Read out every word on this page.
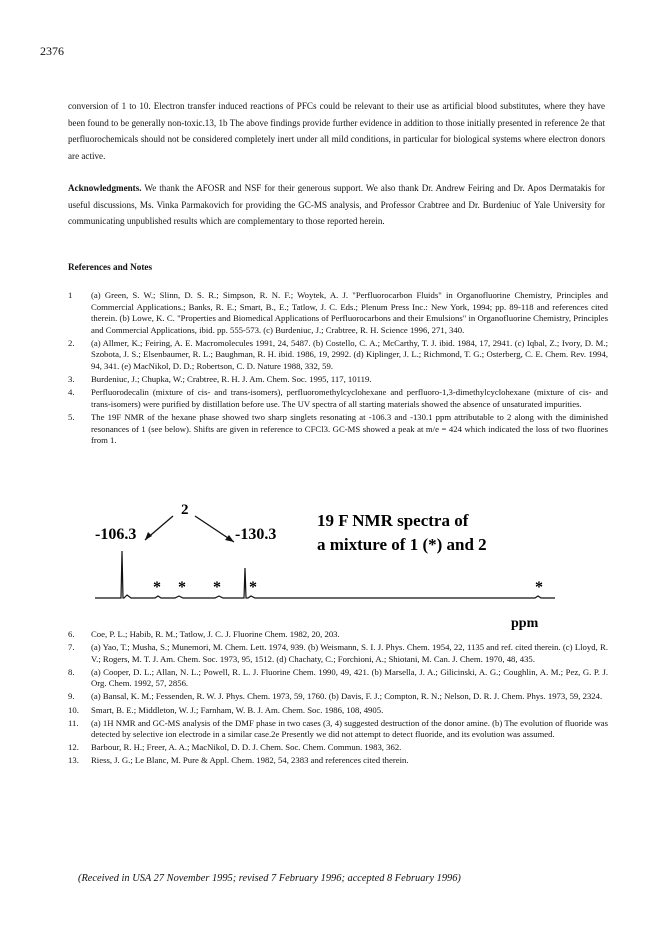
2376

conversion of 1 to 10. Electron transfer induced reactions of PFCs could be relevant to their use as artificial blood substitutes, where they have been found to be generally non-toxic.13, 1b The above findings provide further evidence in addition to those initially presented in reference 2e that perfluorochemicals should not be considered completely inert under all mild conditions, in particular for biological systems where electron donors are active.

Acknowledgments. We thank the AFOSR and NSF for their generous support. We also thank Dr. Andrew Feiring and Dr. Apos Dermatakis for useful discussions, Ms. Vinka Parmakovich for providing the GC-MS analysis, and Professor Crabtree and Dr. Burdeniuc of Yale University for communicating unpublished results which are complementary to those reported herein.

References and Notes
1 (a) Green, S. W.; Slinn, D. S. R.; Simpson, R. N. F.; Woytek, A. J. "Perfluorocarbon Fluids" in Organofluorine Chemistry, Principles and Commercial Applications.; Banks, R. E.; Smart, B., E.; Tatlow, J. C. Eds.; Plenum Press Inc.: New York, 1994; pp. 89-118 and references cited therein. (b) Lowe, K. C. "Properties and Biomedical Applications of Perfluorocarbons and their Emulsions" in Organofluorine Chemistry, Principles and Commercial Applications, ibid. pp. 555-573. (c) Burdeniuc, J.; Crabtree, R. H. Science 1996, 271, 340.
2. (a) Allmer, K.; Feiring, A. E. Macromolecules 1991, 24, 5487. (b) Costello, C. A.; McCarthy, T. J. ibid. 1984, 17, 2941. (c) Iqbal, Z.; Ivory, D. M.; Szobota, J. S.; Elsenbaumer, R. L.; Baughman, R. H. ibid. 1986, 19, 2992. (d) Kiplinger, J. L.; Richmond, T. G.; Osterberg, C. E. Chem. Rev. 1994, 94, 341. (e) MacNikol, D. D.; Robertson, C. D. Nature 1988, 332, 59.
3. Burdeniuc, J.; Chupka, W.; Crabtree, R. H. J. Am. Chem. Soc. 1995, 117, 10119.
4. Perfluorodecalin (mixture of cis- and trans-isomers), perfluoromethylcyclohexane and perfluoro-1,3-dimethylcyclohexane (mixture of cis- and trans-isomers) were purified by distillation before use. The UV spectra of all starting materials showed the absence of unsaturated impurities.
5. The 19F NMR of the hexane phase showed two sharp singlets resonating at -106.3 and -130.1 ppm attributable to 2 along with the diminished resonances of 1 (see below). Shifts are given in reference to CFCl3. GC-MS showed a peak at m/e = 424 which indicated the loss of two fluorines from 1.
-106.3	-130.3
2
19 F NMR spectra of
a mixture of 1 (*) and 2
* * * *	*
ppm
6. Coe, P. L.; Habib, R. M.; Tatlow, J. C. J. Fluorine Chem. 1982, 20, 203.
7. (a) Yao, T.; Musha, S.; Munemori, M. Chem. Lett. 1974, 939. (b) Weismann, S. I. J. Phys. Chem. 1954, 22, 1135 and ref. cited therein. (c) Lloyd, R. V.; Rogers, M. T. J. Am. Chem. Soc. 1973, 95, 1512. (d) Chachaty, C.; Forchioni, A.; Shiotani, M. Can. J. Chem. 1970, 48, 435.
8. (a) Cooper, D. L.; Allan, N. L.; Powell, R. L. J. Fluorine Chem. 1990, 49, 421. (b) Marsella, J. A.; Gilicinski, A. G.; Coughlin, A. M.; Pez, G. P. J. Org. Chem. 1992, 57, 2856.
9. (a) Bansal, K. M.; Fessenden, R. W. J. Phys. Chem. 1973, 59, 1760. (b) Davis, F. J.; Compton, R. N.; Nelson, D. R. J. Chem. Phys. 1973, 59, 2324.
10. Smart, B. E.; Middleton, W. J.; Farnham, W. B. J. Am. Chem. Soc. 1986, 108, 4905.
11. (a) 1H NMR and GC-MS analysis of the DMF phase in two cases (3, 4) suggested destruction of the donor amine. (b) The evolution of fluoride was detected by selective ion electrode in a similar case.2e Presently we did not attempt to detect fluoride, and its evolution was assumed.
12. Barbour, R. H.; Freer, A. A.; MacNikol, D. D. J. Chem. Soc. Chem. Commun. 1983, 362.
13. Riess, J. G.; Le Blanc, M. Pure & Appl. Chem. 1982, 54, 2383 and references cited therein.
(Received in USA 27 November 1995; revised 7 February 1996; accepted 8 February 1996)
